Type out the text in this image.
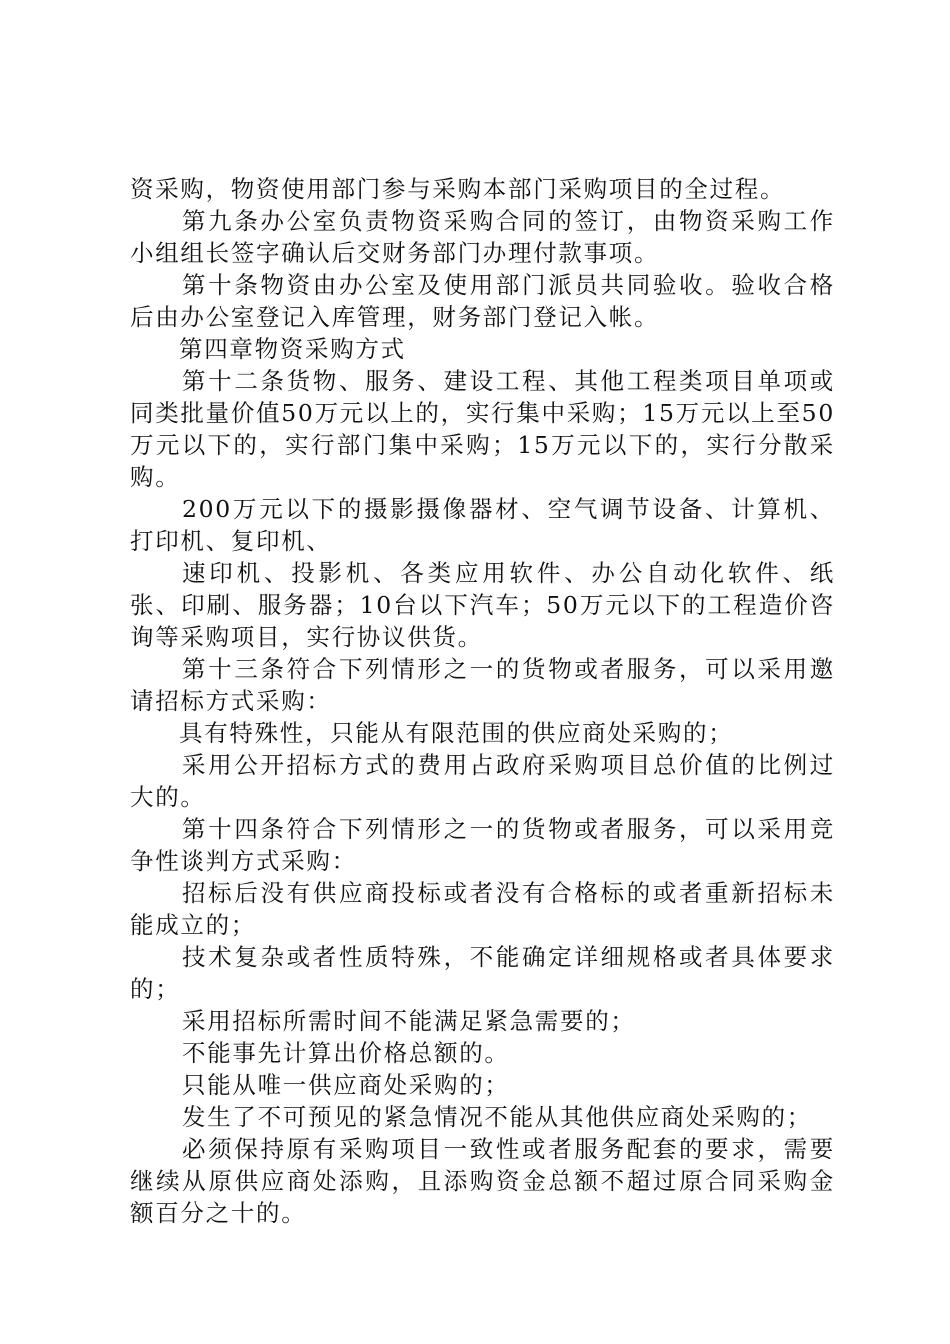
资采购，物资使用部门参与采购本部门采购项目的全过程。

第九条办公室负责物资采购合同的签订，由物资采购工作小组组长签字确认后交财务部门办理付款事项。

第十条物资由办公室及使用部门派员共同验收。验收合格后由办公室登记入库管理，财务部门登记入帐。

第四章物资采购方式

第十二条货物、服务、建设工程、其他工程类项目单项或同类批量价值50万元以上的，实行集中采购；15万元以上至50万元以下的，实行部门集中采购；15万元以下的，实行分散采购。

200万元以下的摄影摄像器材、空气调节设备、计算机、打印机、复印机、

速印机、投影机、各类应用软件、办公自动化软件、纸张、印刷、服务器；10台以下汽车；50万元以下的工程造价咨询等采购项目，实行协议供货。

第十三条符合下列情形之一的货物或者服务，可以采用邀请招标方式采购：

具有特殊性，只能从有限范围的供应商处采购的；

采用公开招标方式的费用占政府采购项目总价值的比例过大的。

第十四条符合下列情形之一的货物或者服务，可以采用竞争性谈判方式采购：

招标后没有供应商投标或者没有合格标的或者重新招标未能成立的；

技术复杂或者性质特殊，不能确定详细规格或者具体要求的；

采用招标所需时间不能满足紧急需要的；

不能事先计算出价格总额的。

只能从唯一供应商处采购的；

发生了不可预见的紧急情况不能从其他供应商处采购的；

必须保持原有采购项目一致性或者服务配套的要求，需要继续从原供应商处添购，且添购资金总额不超过原合同采购金额百分之十的。
